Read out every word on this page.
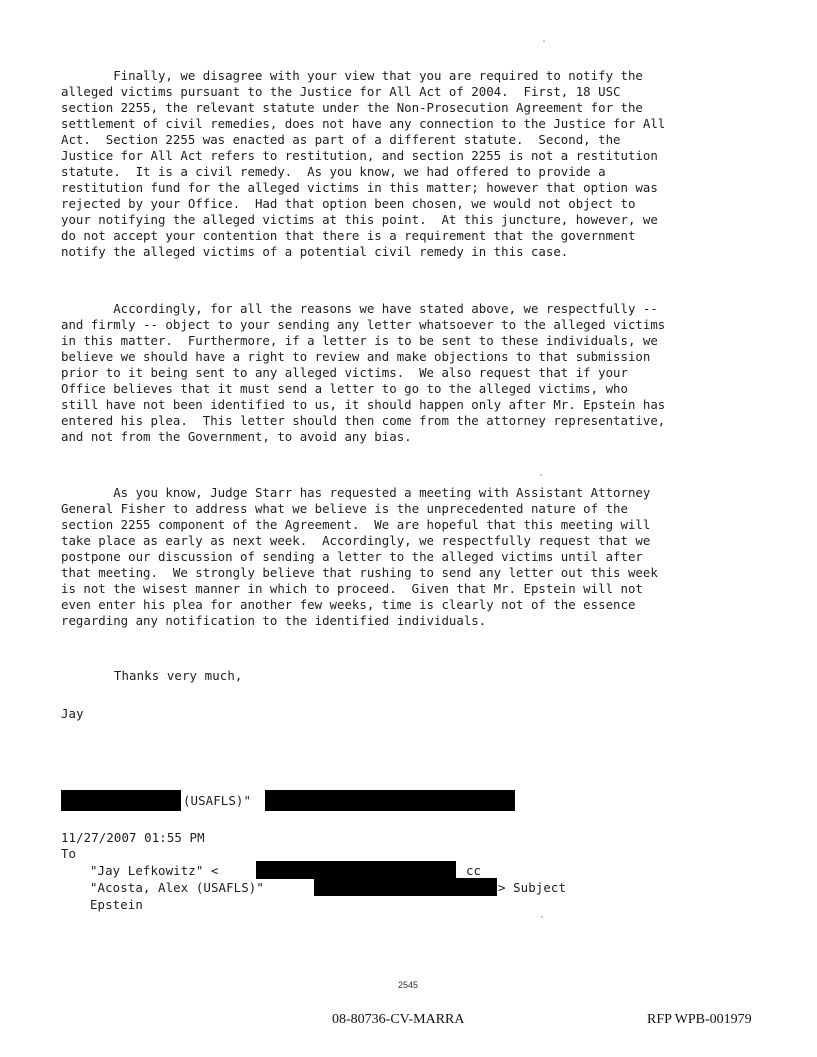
Finally, we disagree with your view that you are required to notify the
alleged victims pursuant to the Justice for All Act of 2004.  First, 18 USC
section 2255, the relevant statute under the Non-Prosecution Agreement for the
settlement of civil remedies, does not have any connection to the Justice for All
Act.  Section 2255 was enacted as part of a different statute.  Second, the
Justice for All Act refers to restitution, and section 2255 is not a restitution
statute.  It is a civil remedy.  As you know, we had offered to provide a
restitution fund for the alleged victims in this matter; however that option was
rejected by your Office.  Had that option been chosen, we would not object to
your notifying the alleged victims at this point.  At this juncture, however, we
do not accept your contention that there is a requirement that the government
notify the alleged victims of a potential civil remedy in this case.
Accordingly, for all the reasons we have stated above, we respectfully --
and firmly -- object to your sending any letter whatsoever to the alleged victims
in this matter.  Furthermore, if a letter is to be sent to these individuals, we
believe we should have a right to review and make objections to that submission
prior to it being sent to any alleged victims.  We also request that if your
Office believes that it must send a letter to go to the alleged victims, who
still have not been identified to us, it should happen only after Mr. Epstein has
entered his plea.  This letter should then come from the attorney representative,
and not from the Government, to avoid any bias.
As you know, Judge Starr has requested a meeting with Assistant Attorney
General Fisher to address what we believe is the unprecedented nature of the
section 2255 component of the Agreement.  We are hopeful that this meeting will
take place as early as next week.  Accordingly, we respectfully request that we
postpone our discussion of sending a letter to the alleged victims until after
that meeting.  We strongly believe that rushing to send any letter out this week
is not the wisest manner in which to proceed.  Given that Mr. Epstein will not
even enter his plea for another few weeks, time is clearly not of the essence
regarding any notification to the identified individuals.
Thanks very much,
Jay
(USAFLS)"
11/27/2007 01:55 PM
To
"Jay Lefkowitz" <	cc
"Acosta, Alex (USAFLS)"	> Subject
Epstein
2545
08-80736-CV-MARRA	RFP WPB-001979
